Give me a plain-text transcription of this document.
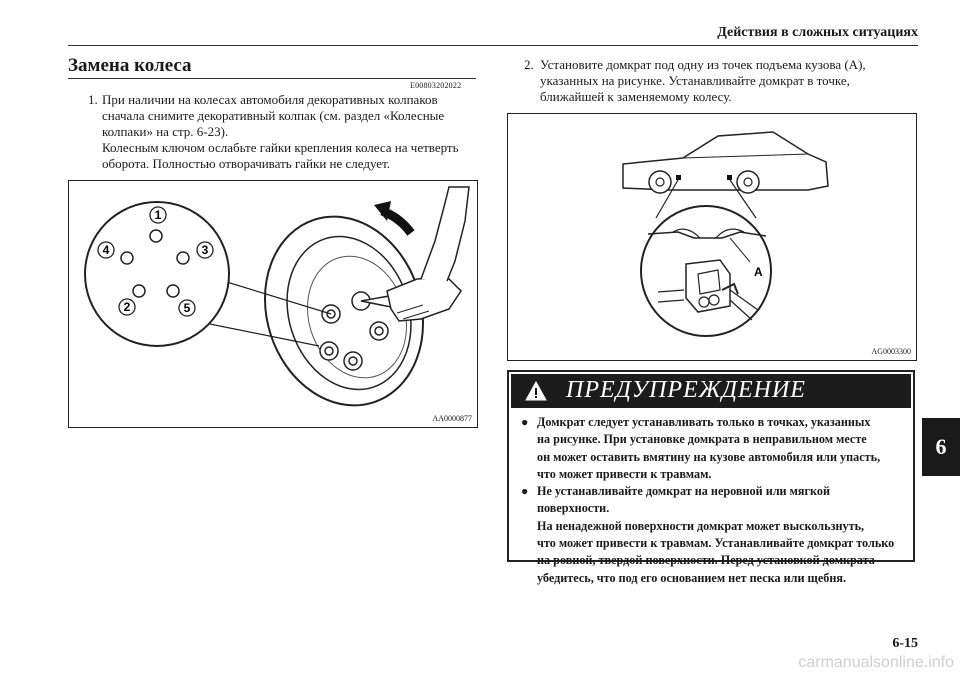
Действия в сложных ситуациях
Замена колеса
E00803202022
1. При наличии на колесах автомобиля декоративных колпаков
сначала снимите декоративный колпак (см. раздел «Колесные
колпаки» на стр. 6-23).
Колесным ключом ослабьте гайки крепления колеса на четверть
оборота. Полностью отворачивать гайки не следует.
1
2
3
4
5
AA0000877
2. Установите домкрат под одну из точек подъема кузова (A),
указанных на рисунке. Устанавливайте домкрат в точке,
ближайшей к заменяемому колесу.
A
AG0003300
ПРЕДУПРЕЖДЕНИЕ
● Домкрат следует устанавливать только в точках, указанных
на рисунке. При установке домкрата в неправильном месте
он может оставить вмятину на кузове автомобиля или упасть,
что может привести к травмам.
● Не устанавливайте домкрат на неровной или мягкой
поверхности.
На ненадежной поверхности домкрат может выскользнуть,
что может привести к травмам. Устанавливайте домкрат только
на ровной, твердой поверхности. Перед установкой домкрата
убедитесь, что под его основанием нет песка или щебня.
6
6-15
carmanualsonline.info
